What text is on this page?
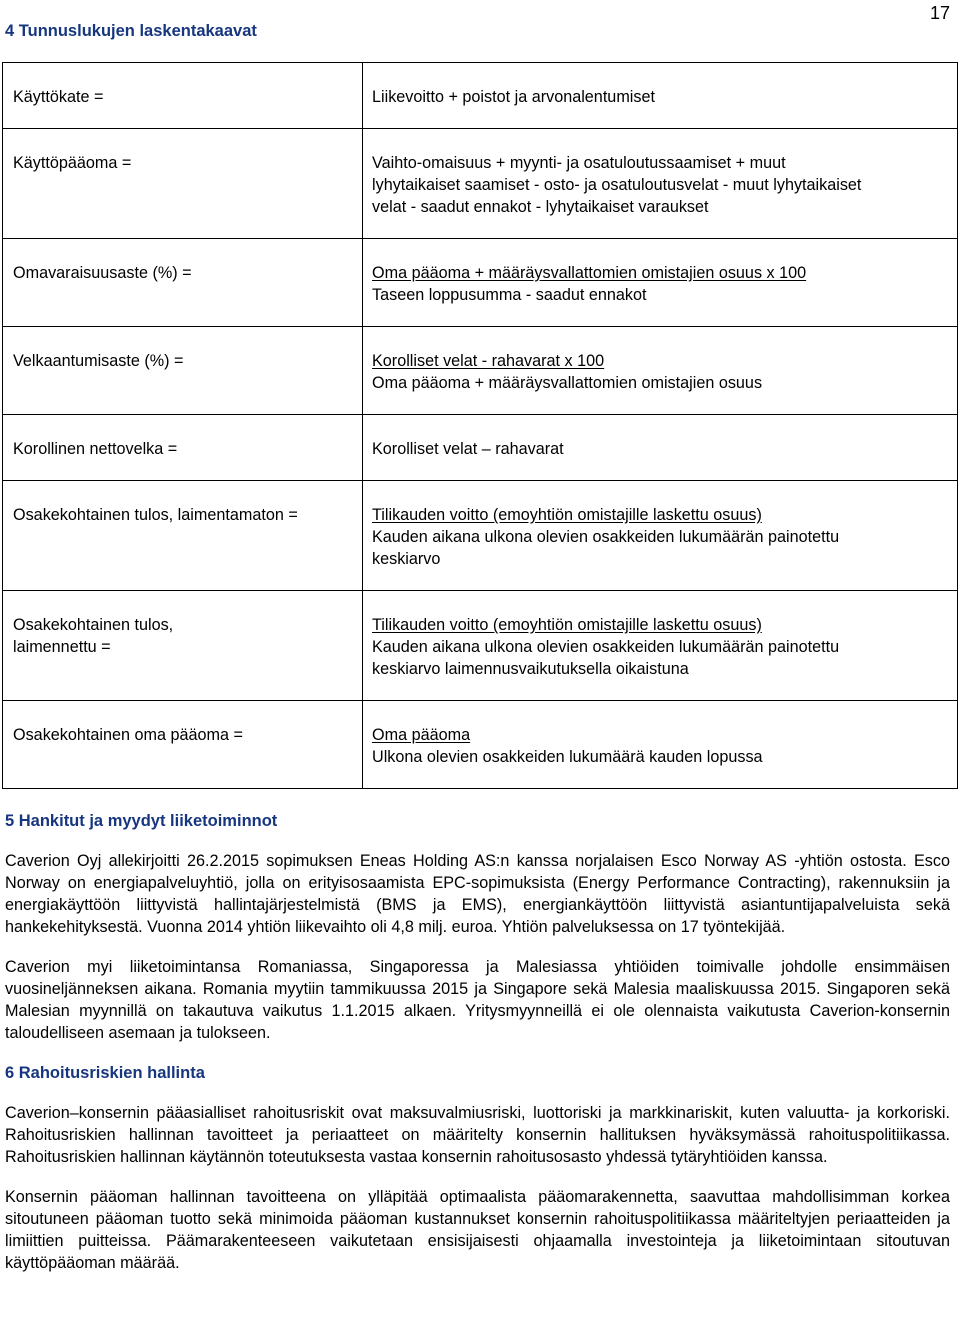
17
4 Tunnuslukujen laskentakaavat
Käyttökate =	Liikevoitto + poistot ja arvonalentumiset

Käyttöpääoma =	Vaihto-omaisuus + myynti- ja osatuloutussaamiset + muut
lyhytaikaiset saamiset - osto- ja osatuloutusvelat - muut lyhytaikaiset
velat - saadut ennakot - lyhytaikaiset varaukset

Omavaraisuusaste (%) =	Oma pääoma + määräysvallattomien omistajien osuus x 100
Taseen loppusumma - saadut ennakot

Velkaantumisaste (%) =	Korolliset velat - rahavarat x 100
Oma pääoma + määräysvallattomien omistajien osuus

Korollinen nettovelka =	Korolliset velat – rahavarat

Osakekohtainen tulos, laimentamaton =	Tilikauden voitto (emoyhtiön omistajille laskettu osuus)
Kauden aikana ulkona olevien osakkeiden lukumäärän painotettu
keskiarvo

Osakekohtainen tulos,
laimennettu =	Tilikauden voitto (emoyhtiön omistajille laskettu osuus)
Kauden aikana ulkona olevien osakkeiden lukumäärän painotettu
keskiarvo laimennusvaikutuksella oikaistuna

Osakekohtainen oma pääoma =	Oma pääoma
Ulkona olevien osakkeiden lukumäärä kauden lopussa
5 Hankitut ja myydyt liiketoiminnot

Caverion Oyj allekirjoitti 26.2.2015 sopimuksen Eneas Holding AS:n kanssa norjalaisen Esco Norway AS -yhtiön ostosta. Esco Norway on energiapalveluyhtiö, jolla on erityisosaamista EPC-sopimuksista (Energy Performance Contracting), rakennuksiin ja energiakäyttöön liittyvistä hallintajärjestelmistä (BMS ja EMS), energiankäyttöön liittyvistä asiantuntijapalveluista sekä hankekehityksestä. Vuonna 2014 yhtiön liikevaihto oli 4,8 milj. euroa. Yhtiön palveluksessa on 17 työntekijää.

Caverion myi liiketoimintansa Romaniassa, Singaporessa ja Malesiassa yhtiöiden toimivalle johdolle ensimmäisen vuosineljänneksen aikana. Romania myytiin tammikuussa 2015 ja Singapore sekä Malesia maaliskuussa 2015. Singaporen sekä Malesian myynnillä on takautuva vaikutus 1.1.2015 alkaen. Yritysmyynneillä ei ole olennaista vaikutusta Caverion-konsernin taloudelliseen asemaan ja tulokseen.

6 Rahoitusriskien hallinta

Caverion–konsernin pääasialliset rahoitusriskit ovat maksuvalmiusriski, luottoriski ja markkinariskit, kuten valuutta- ja korkoriski. Rahoitusriskien hallinnan tavoitteet ja periaatteet on määritelty konsernin hallituksen hyväksymässä rahoituspolitiikassa. Rahoitusriskien hallinnan käytännön toteutuksesta vastaa konsernin rahoitusosasto yhdessä tytäryhtiöiden kanssa.

Konsernin pääoman hallinnan tavoitteena on ylläpitää optimaalista pääomarakennetta, saavuttaa mahdollisimman korkea sitoutuneen pääoman tuotto sekä minimoida pääoman kustannukset konsernin rahoituspolitiikassa määriteltyjen periaatteiden ja limiittien puitteissa. Päämarakenteeseen vaikutetaan ensisijaisesti ohjaamalla investointeja ja liiketoimintaan sitoutuvan käyttöpääoman määrää.
